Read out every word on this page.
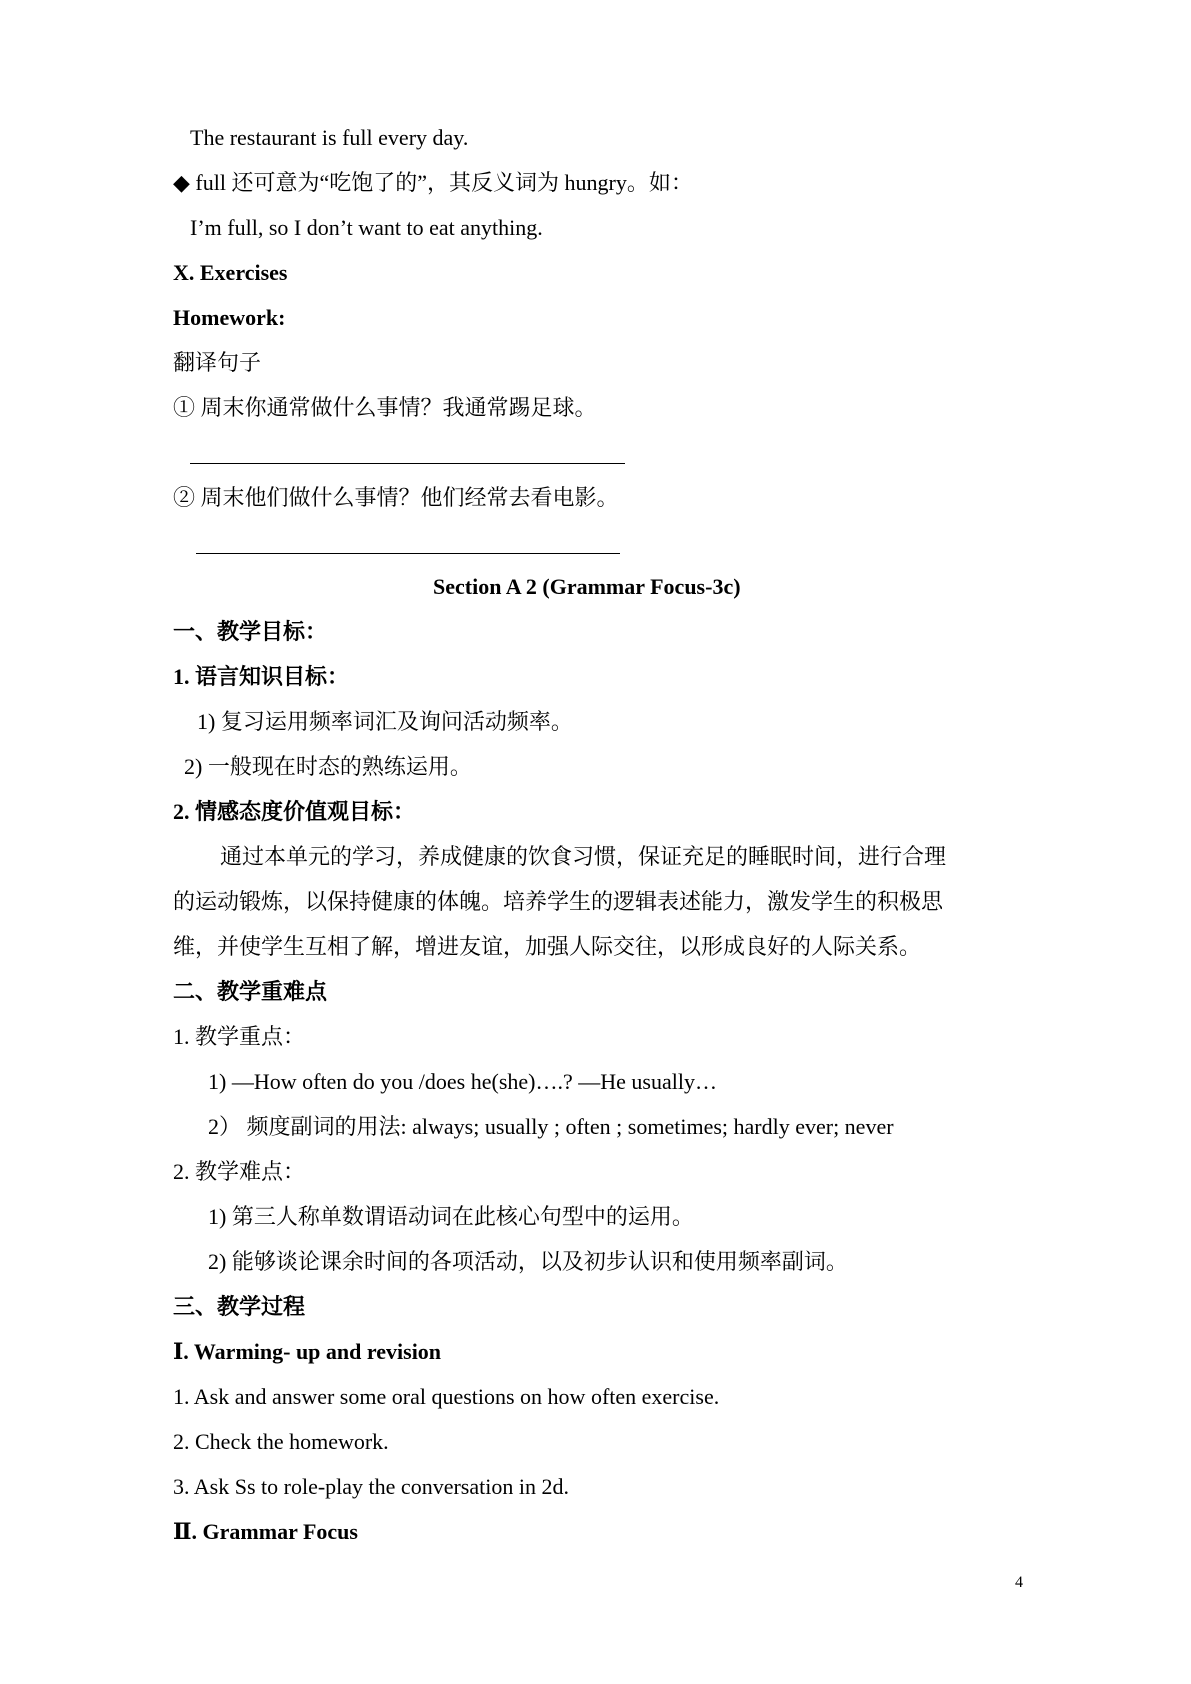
The restaurant is full every day.
◆ full 还可意为“吃饱了的”，其反义词为 hungry。如：
I’m full, so I don’t want to eat anything.
X. Exercises
Homework:
翻译句子
① 周末你通常做什么事情？我通常踢足球。
② 周末他们做什么事情？他们经常去看电影。
Section A 2 (Grammar Focus-3c)
一、教学目标：
1. 语言知识目标：
1) 复习运用频率词汇及询问活动频率。
2) 一般现在时态的熟练运用。
2. 情感态度价值观目标：
通过本单元的学习，养成健康的饮食习惯，保证充足的睡眠时间，进行合理
的运动锻炼，以保持健康的体魄。培养学生的逻辑表述能力，激发学生的积极思
维，并使学生互相了解，增进友谊，加强人际交往，以形成良好的人际关系。
二、教学重难点
1. 教学重点：
1) —How often do you /does he(she)….? —He usually…
2） 频度副词的用法: always; usually ; often ; sometimes; hardly ever; never
2. 教学难点：
1) 第三人称单数谓语动词在此核心句型中的运用。
2) 能够谈论课余时间的各项活动，以及初步认识和使用频率副词。
三、教学过程
Ⅰ. Warming- up and revision
1. Ask and answer some oral questions on how often exercise.
2. Check the homework.
3. Ask Ss to role-play the conversation in 2d.
Ⅱ. Grammar Focus
4
